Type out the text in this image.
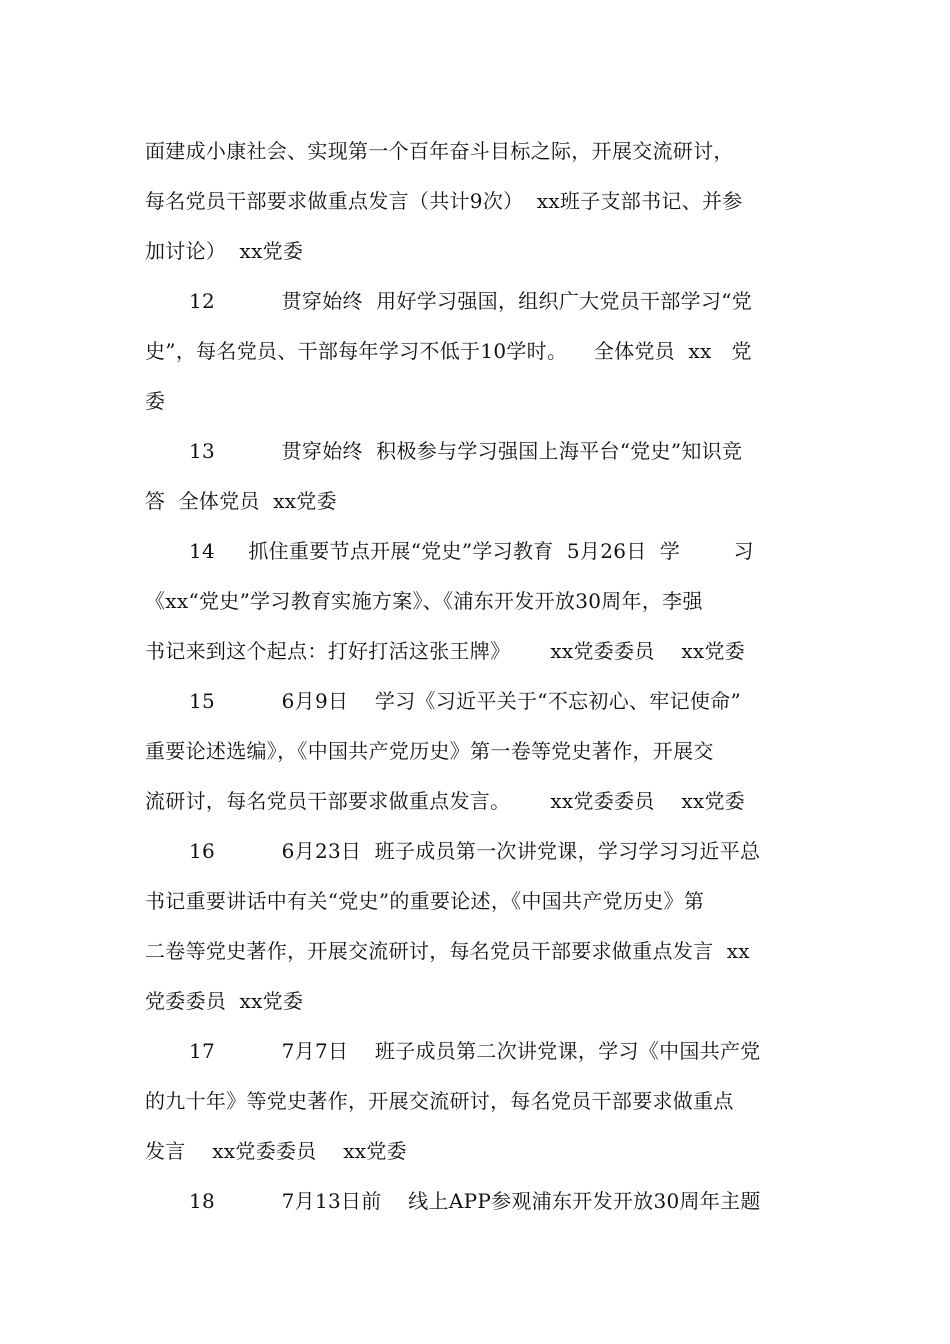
面建成小康社会、实现第一个百年奋斗目标之际，开展交流研讨，
每名党员干部要求做重点发言（共计9次）  xx班子支部书记、并参
加讨论）  xx党委
12          贯穿始终  用好学习强国，组织广大党员干部学习“党
史”，每名党员、干部每年学习不低于10学时。    全体党员  xx   党
委
13          贯穿始终  积极参与学习强国上海平台“党史”知识竞
答  全体党员  xx党委
14     抓住重要节点开展“党史”学习教育  5月26日  学        习
《xx“党史”学习教育实施方案》、《浦东开发开放30周年，李强
书记来到这个起点：打好打活这张王牌》      xx党委委员    xx党委
15          6月9日    学习《习近平关于“不忘初心、牢记使命”
重要论述选编》，《中国共产党历史》第一卷等党史著作，开展交
流研讨，每名党员干部要求做重点发言。      xx党委委员    xx党委
16          6月23日  班子成员第一次讲党课，学习学习习近平总
书记重要讲话中有关“党史”的重要论述，《中国共产党历史》第
二卷等党史著作，开展交流研讨，每名党员干部要求做重点发言  xx
党委委员  xx党委
17          7月7日    班子成员第二次讲党课，学习《中国共产党
的九十年》等党史著作，开展交流研讨，每名党员干部要求做重点
发言    xx党委委员    xx党委
18          7月13日前    线上APP参观浦东开发开放30周年主题
